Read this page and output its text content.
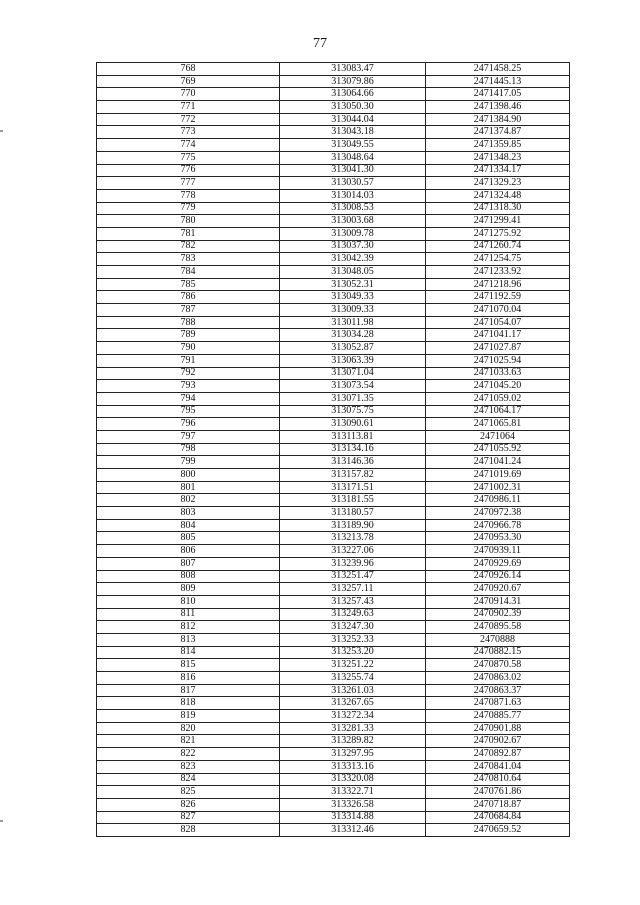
77
768	313083.47	2471458.25
769	313079.86	2471445.13
770	313064.66	2471417.05
771	313050.30	2471398.46
772	313044.04	2471384.90
773	313043.18	2471374.87
774	313049.55	2471359.85
775	313048.64	2471348.23
776	313041.30	2471334.17
777	313030.57	2471329.23
778	313014.03	2471324.48
779	313008.53	2471318.30
780	313003.68	2471299.41
781	313009.78	2471275.92
782	313037.30	2471260.74
783	313042.39	2471254.75
784	313048.05	2471233.92
785	313052.31	2471218.96
786	313049.33	2471192.59
787	313009.33	2471070.04
788	313011.98	2471054.07
789	313034.28	2471041.17
790	313052.87	2471027.87
791	313063.39	2471025.94
792	313071.04	2471033.63
793	313073.54	2471045.20
794	313071.35	2471059.02
795	313075.75	2471064.17
796	313090.61	2471065.81
797	313113.81	2471064
798	313134.16	2471055.92
799	313146.36	2471041.24
800	313157.82	2471019.69
801	313171.51	2471002.31
802	313181.55	2470986.11
803	313180.57	2470972.38
804	313189.90	2470966.78
805	313213.78	2470953.30
806	313227.06	2470939.11
807	313239.96	2470929.69
808	313251.47	2470926.14
809	313257.11	2470920.67
810	313257.43	2470914.31
811	313249.63	2470902.39
812	313247.30	2470895.58
813	313252.33	2470888
814	313253.20	2470882.15
815	313251.22	2470870.58
816	313255.74	2470863.02
817	313261.03	2470863.37
818	313267.65	2470871.63
819	313272.34	2470885.77
820	313281.33	2470901.88
821	313289.82	2470902.67
822	313297.95	2470892.87
823	313313.16	2470841.04
824	313320.08	2470810.64
825	313322.71	2470761.86
826	313326.58	2470718.87
827	313314.88	2470684.84
828	313312.46	2470659.52
